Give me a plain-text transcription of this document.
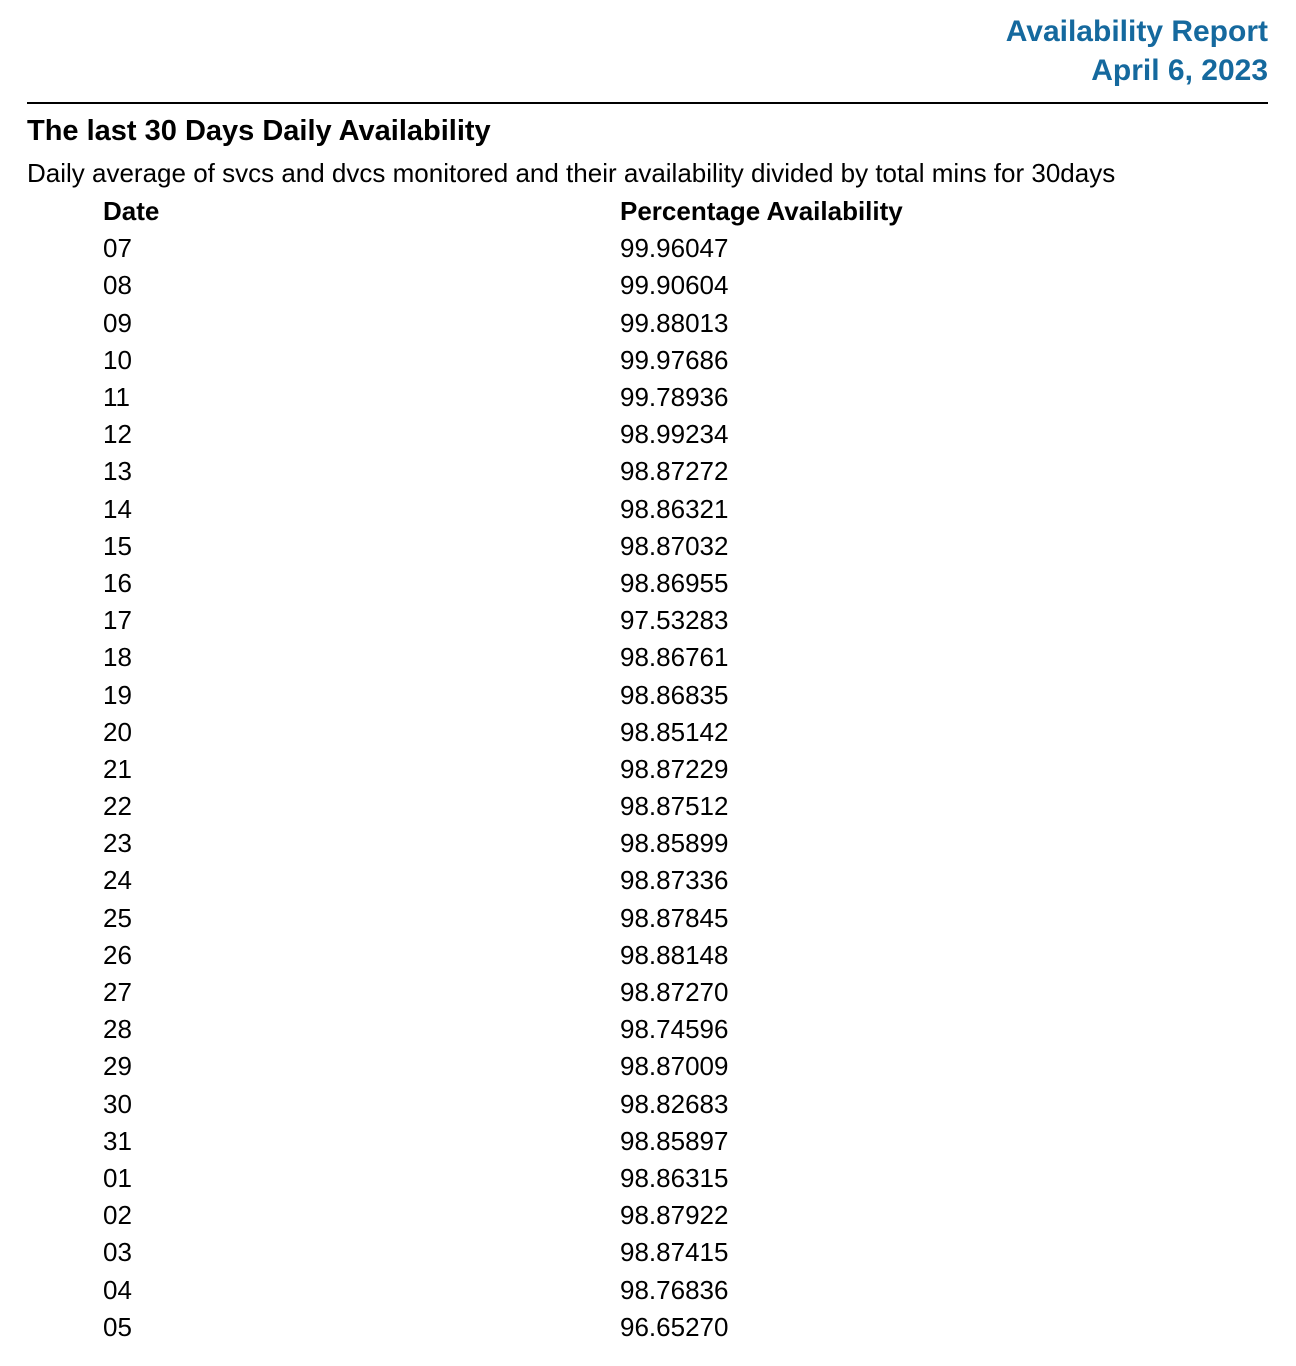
Availability Report
April 6, 2023
The last 30 Days Daily Availability

Daily average of svcs and dvcs monitored and their availability divided by total mins for 30days

Date	Percentage Availability
07	99.96047
08	99.90604
09	99.88013
10	99.97686
11	99.78936
12	98.99234
13	98.87272
14	98.86321
15	98.87032
16	98.86955
17	97.53283
18	98.86761
19	98.86835
20	98.85142
21	98.87229
22	98.87512
23	98.85899
24	98.87336
25	98.87845
26	98.88148
27	98.87270
28	98.74596
29	98.87009
30	98.82683
31	98.85897
01	98.86315
02	98.87922
03	98.87415
04	98.76836
05	96.65270
